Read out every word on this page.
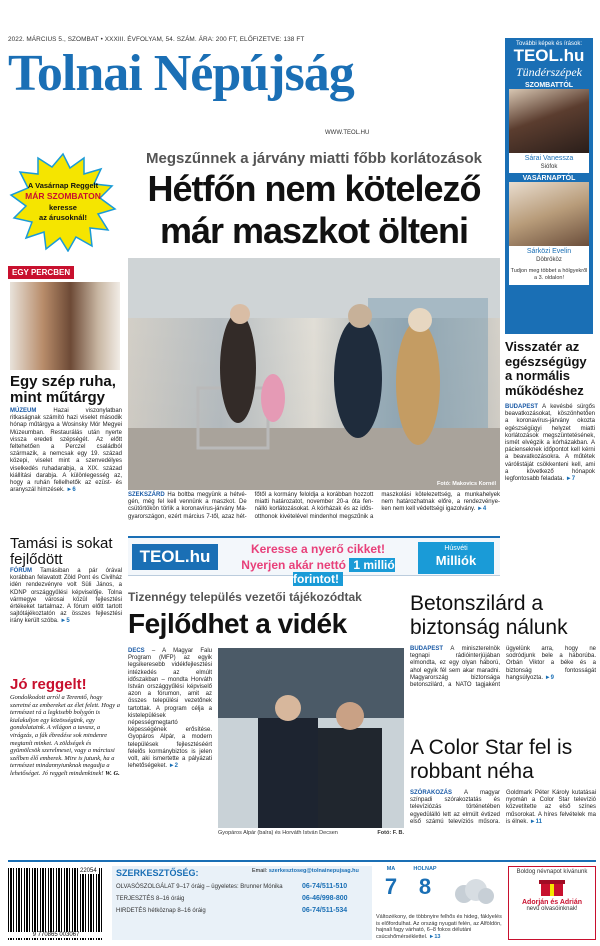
2022. MÁRCIUS 5., SZOMBAT • XXXIII. ÉVFOLYAM, 54. SZÁM. ÁRA: 200 FT, ELŐFIZETVE: 138 FT
Tolnai Népújság
WWW.TEOL.HU
További képek és írások:
TEOL.hu
Tündérszépek
SZOMBATTÓL
Sárai Vanessza
Siófok
VASÁRNAPTÓL
Sárközi Evelin
Döbrököz
Tudjon meg többet a hölgyekről a 3. oldalon!
A Vasárnap Reggelt
MÁR SZOMBATON
keresse
az árusoknál!
Megszűnnek a járvány miatti főbb korlátozások
Hétfőn nem kötelező
már maszkot ölteni
Fotó: Makovics Kornél
SZEKSZÁRD Ha boltba megyünk a hétvégén, még fel kell vennünk a maszkot. De csütörtökön törlik a koronavírus-járvány Magyarországon, ezért március 7-től, azaz hétfőtől a kormány feloldja a korábban hozzott miatti határozatot, november 20-a óta fennálló korlátozásokat. A kórházak és az idősotthonok kivételével mindenhol megszűnik a maszkolási kötelezettség, a munkahelyek nem határozhatnak előre, a rendezvényeken nem kell védettségi igazolvány. ►4
EGY PERCBEN
Egy szép ruha, mint műtárgy
MÚZEUM	Hazai viszonylatban ritkaságnak számító hazi viselet második hónap műtárgya a Wosinsky Mór Megyei Múzeumban. Restaurálás után nyerte vissza eredeti szépségét. Az előtt feltehetően a Perczel családból származik, a nemcsak egy 19. század közepi, viselet mint a szenvedélyes viselkedés ruhadarabja, a XIX. század kiállítási darabja. A különlegesség az, hogy a ruhán fellelhetők az ezüst- és aranyszál hímzések. ►6
Tamási is sokat fejlődött
FÓRUM Tamásiban a pár órával korábban felavatott Zöld Pont és Civilház idén rendezvényre volt Süli János, a KDNP országgyűlési képviselője. Tolna vármegye városai közül fejlesztési értékeket tartalmaz. A fórum előtt tartott sajtótájékoztatón az összes fejlesztési irány került szóba. ►5
Jó reggelt!
Gondolkodott arról a Teremtő, hogy szeretné az embereket az élet felett. Hogy a természet rá a legkisebb bolygón is kialakuljon egy közösségünk, egy gondolataink. A világon a tavasz, a virágzás, a fák ébredése sok mindenre megtanít minket. A zöldségek és gyümölcsök szerelmesei, vagy a márciusi szélben élő emberek. Mire is jutunk, ha a természet mindannyiunknak megadja a lehetőséget. Jó reggelt mindenkinek! W. G.
TEOL.hu	Keresse a nyerő cikket!
Nyerjen akár nettó 1 millió forintot!
Húsvéti
Milliók
Tizennégy település vezetői tájékozódtak
Fejlődhet a vidék
DECS – A Magyar Falu Program (MFP) az egyik legsikeresebb vidékfejlesztési intézkedés az elmúlt időszakban – mondta Horváth István országgyűlési képviselő azon a fórumon, amit az összes települési vezetőnek tartottak. A program célja a kistelepülések népességmegtartó képességének erősítése. Gyopáros Alpár, a modern települések fejlesztéséért felelős kormánybiztos is jelen volt, aki ismertette a pályázati lehetőségeket. ►2
Gyopáros Alpár (balra) és Horváth István Decsen	Fotó: F. B.
Visszatér az egészségügy a normális működéshez
BUDAPEST A kevésbé sürgős beavatkozásokat, köszönhetően a koronavírus-járvány okozta egészségügyi helyzet miatti korlátozások megszüntetésének, ismét elvégzik a kórházakban. A pácienseknek időpontot kell kérni a beavatkozásokra. A műtétek várólistáját csökkenteni kell, ami a következő hónapok legfontosabb feladata. ►7
Betonszilárd a biztonság nálunk
BUDAPEST A miniszterelnök tegnapi rádióinterjújában elmondta, ez egy olyan háború, ahol egyik fél sem akar maradni. Magyarország biztonsága betonszilárd, a NATO tagjaként ügyelünk arra, hogy ne sodródjunk bele a háborúba. Orbán Viktor a béke és a biztonság fontosságát hangsúlyozta. ►9
A Color Star fel is robbant néha
SZÓRAKOZÁS A magyar színpadi szórakoztatás és televíziózás történetében egyedülálló lett az elmúlt évtized első számú televíziós műsora. Goldmark Péter Károly kutatásai nyomán a Color Star televízió közvetítette az első színes műsorokat. A híres felvételek ma is élnek. ►11
22054
9 770865 003067
SZERKESZTŐSÉG:	Email: szerkesztoseg@tolnainepujsag.hu
OLVASÓSZOLGÁLAT 9–17 óráig – ügyeletes: Brunner Mónika	06-74/511-510
TERJESZTÉS 8–16 óráig	06-46/998-800
HIRDETÉS hétköznap 8–16 óráig	06-74/511-534
MA
7
HOLNAP
8
Változékony, de többnyire felhős és hideg, fáklyelés is előfordulhat. Az ország nyugati felén, az Alföldön, hajnali fagy várható, 6–8 fokos délutáni csúcshőmérséklettel. ►13
Boldog névnapot kívánunk
Adorján és Adrián
nevű olvasóinknak!
